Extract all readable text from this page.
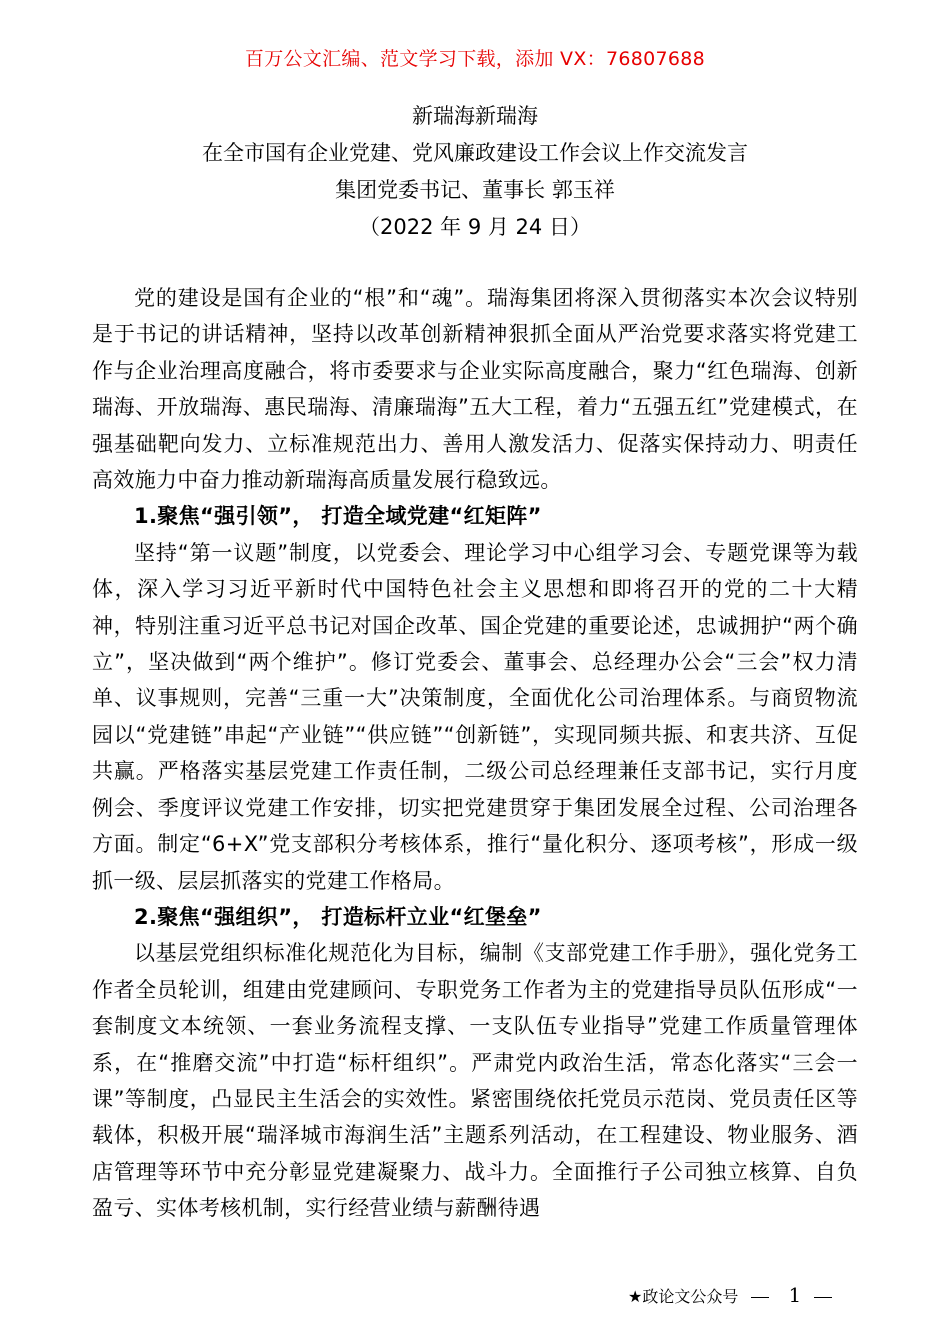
百万公文汇编、范文学习下载，添加 VX：76807688
新瑞海新瑞海
在全市国有企业党建、党风廉政建设工作会议上作交流发言
集团党委书记、董事长 郭玉祥
（2022 年 9 月 24 日）

党的建设是国有企业的“根”和“魂”。瑞海集团将深入贯彻落实本次会议特别是于书记的讲话精神，坚持以改革创新精神狠抓全面从严治党要求落实将党建工作与企业治理高度融合，将市委要求与企业实际高度融合，聚力“红色瑞海、创新瑞海、开放瑞海、惠民瑞海、清廉瑞海”五大工程，着力“五强五红”党建模式，在强基础靶向发力、立标准规范出力、善用人激发活力、促落实保持动力、明责任高效施力中奋力推动新瑞海高质量发展行稳致远。

1.聚焦“强引领”， 打造全域党建“红矩阵”

坚持“第一议题”制度，以党委会、理论学习中心组学习会、专题党课等为载体，深入学习习近平新时代中国特色社会主义思想和即将召开的党的二十大精神，特别注重习近平总书记对国企改革、国企党建的重要论述，忠诚拥护“两个确立”，坚决做到“两个维护”。修订党委会、董事会、总经理办公会“三会”权力清单、议事规则，完善“三重一大”决策制度，全面优化公司治理体系。与商贸物流园以“党建链”串起“产业链”“供应链”“创新链”，实现同频共振、和衷共济、互促共赢。严格落实基层党建工作责任制，二级公司总经理兼任支部书记，实行月度例会、季度评议党建工作安排，切实把党建贯穿于集团发展全过程、公司治理各方面。制定“6+X”党支部积分考核体系，推行“量化积分、逐项考核”，形成一级抓一级、层层抓落实的党建工作格局。

2.聚焦“强组织”， 打造标杆立业“红堡垒”

以基层党组织标准化规范化为目标，编制《支部党建工作手册》，强化党务工作者全员轮训，组建由党建顾问、专职党务工作者为主的党建指导员队伍形成“一套制度文本统领、一套业务流程支撑、一支队伍专业指导”党建工作质量管理体系，在“推磨交流”中打造“标杆组织”。严肃党内政治生活，常态化落实“三会一课”等制度，凸显民主生活会的实效性。紧密围绕依托党员示范岗、党员责任区等载体，积极开展“瑞泽城市海润生活”主题系列活动，在工程建设、物业服务、酒店管理等环节中充分彰显党建凝聚力、战斗力。全面推行子公司独立核算、自负盈亏、实体考核机制，实行经营业绩与薪酬待遇

★政论文公众号	1
